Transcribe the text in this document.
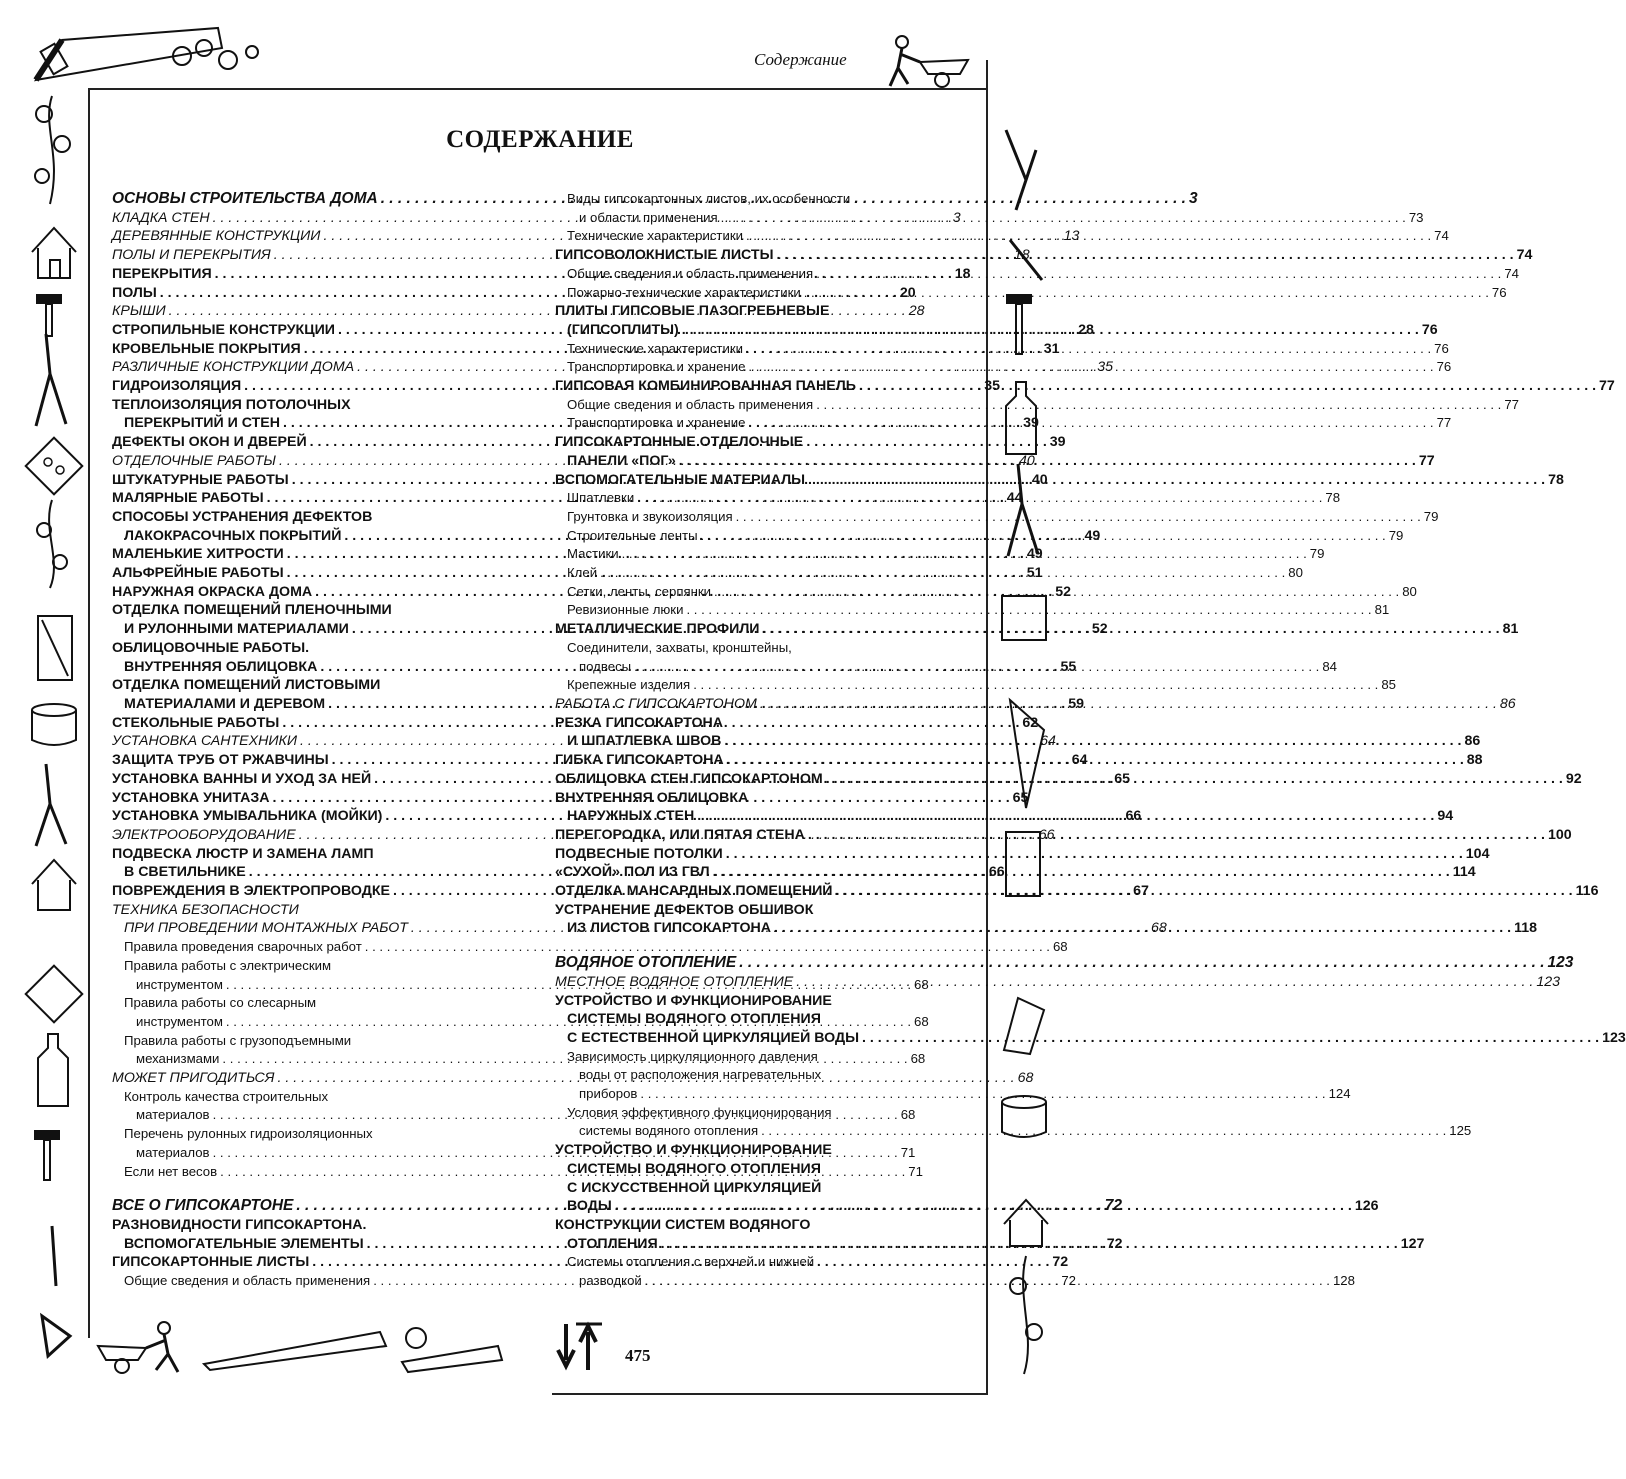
Содержание
СОДЕРЖАНИЕ
ОСНОВЫ СТРОИТЕЛЬСТВА ДОМА . . .	3
КЛАДКА СТЕН . . .	3
ДЕРЕВЯННЫЕ КОНСТРУКЦИИ . . .	13
ПОЛЫ И ПЕРЕКРЫТИЯ . . .	18
ПЕРЕКРЫТИЯ . . .	18
ПОЛЫ . . .	20
КРЫШИ . . .	28
СТРОПИЛЬНЫЕ КОНСТРУКЦИИ . . .	28
КРОВЕЛЬНЫЕ ПОКРЫТИЯ . . .	31
РАЗЛИЧНЫЕ КОНСТРУКЦИИ ДОМА . . .	35
ГИДРОИЗОЛЯЦИЯ . . .	35
ТЕПЛОИЗОЛЯЦИЯ ПОТОЛОЧНЫХ
ПЕРЕКРЫТИЙ И СТЕН . . .	39
ДЕФЕКТЫ ОКОН И ДВЕРЕЙ . . .	39
ОТДЕЛОЧНЫЕ РАБОТЫ . . .	40
ШТУКАТУРНЫЕ РАБОТЫ . . .	40
МАЛЯРНЫЕ РАБОТЫ . . .	44
СПОСОБЫ УСТРАНЕНИЯ ДЕФЕКТОВ
ЛАКОКРАСОЧНЫХ ПОКРЫТИЙ . . .	49
МАЛЕНЬКИЕ ХИТРОСТИ . . .	49
АЛЬФРЕЙНЫЕ РАБОТЫ . . .	51
НАРУЖНАЯ ОКРАСКА ДОМА . . .	52
ОТДЕЛКА ПОМЕЩЕНИЙ ПЛЕНОЧНЫМИ
И РУЛОННЫМИ МАТЕРИАЛАМИ . . .	52
ОБЛИЦОВОЧНЫЕ РАБОТЫ.
ВНУТРЕННЯЯ ОБЛИЦОВКА . . .	55
ОТДЕЛКА ПОМЕЩЕНИЙ ЛИСТОВЫМИ
МАТЕРИАЛАМИ И ДЕРЕВОМ . . .	59
СТЕКОЛЬНЫЕ РАБОТЫ . . .	62
УСТАНОВКА САНТЕХНИКИ . . .	64
ЗАЩИТА ТРУБ ОТ РЖАВЧИНЫ . . .	64
УСТАНОВКА ВАННЫ И УХОД ЗА НЕЙ . . .	65
УСТАНОВКА УНИТАЗА . . .	65
УСТАНОВКА УМЫВАЛЬНИКА (МОЙКИ) . . .	66
ЭЛЕКТРООБОРУДОВАНИЕ . . .	66
ПОДВЕСКА ЛЮСТР И ЗАМЕНА ЛАМП
В СВЕТИЛЬНИКЕ . . .	66
ПОВРЕЖДЕНИЯ В ЭЛЕКТРОПРОВОДКЕ . . .	67
ТЕХНИКА БЕЗОПАСНОСТИ
ПРИ ПРОВЕДЕНИИ МОНТАЖНЫХ РАБОТ . . .	68
Правила проведения сварочных работ . . .	68
Правила работы с электрическим
инструментом . . .	68
Правила работы со слесарным
инструментом . . .	68
Правила работы с грузоподъемными
механизмами . . .	68
МОЖЕТ ПРИГОДИТЬСЯ . . .	68
Контроль качества строительных
материалов . . .	68
Перечень рулонных гидроизоляционных
материалов . . .	71
Если нет весов . . .	71
ВСЕ О ГИПСОКАРТОНЕ . . .	72
РАЗНОВИДНОСТИ ГИПСОКАРТОНА.
ВСПОМОГАТЕЛЬНЫЕ ЭЛЕМЕНТЫ . . .	72
ГИПСОКАРТОННЫЕ ЛИСТЫ . . .	72
Общие сведения и область применения . . .	72
Виды гипсокартонных листов, их особенности
и области применения . . .	73
Технические характеристики . . .	74
ГИПСОВОЛОКНИСТЫЕ ЛИСТЫ . . .	74
Общие сведения и область применения . . .	74
Пожарно-технические характеристики . . .	76
ПЛИТЫ ГИПСОВЫЕ ПАЗОГРЕБНЕВЫЕ
(ГИПСОПЛИТЫ) . . .	76
Технические характеристики . . .	76
Транспортировка и хранение . . .	76
ГИПСОВАЯ КОМБИНИРОВАННАЯ ПАНЕЛЬ . . .	77
Общие сведения и область применения . . .	77
Транспортировка и хранение . . .	77
ГИПСОКАРТОННЫЕ ОТДЕЛОЧНЫЕ
ПАНЕЛИ «ПОГ» . . .	77
ВСПОМОГАТЕЛЬНЫЕ МАТЕРИАЛЫ . . .	78
Шпатлевки . . .	78
Грунтовка и звукоизоляция . . .	79
Строительные ленты . . .	79
Мастики . . .	79
Клей . . .	80
Сетки, ленты, серпянки . . .	80
Ревизионные люки . . .	81
МЕТАЛЛИЧЕСКИЕ ПРОФИЛИ . . .	81
Соединители, захваты, кронштейны,
подвесы . . .	84
Крепежные изделия . . .	85
РАБОТА С ГИПСОКАРТОНОМ . . .	86
РЕЗКА ГИПСОКАРТОНА
И ШПАТЛЕВКА ШВОВ . . .	86
ГИБКА ГИПСОКАРТОНА . . .	88
ОБЛИЦОВКА СТЕН ГИПСОКАРТОНОМ . . .	92
ВНУТРЕННЯЯ ОБЛИЦОВКА
НАРУЖНЫХ СТЕН . . .	94
ПЕРЕГОРОДКА, ИЛИ ПЯТАЯ СТЕНА . . .	100
ПОДВЕСНЫЕ ПОТОЛКИ . . .	104
«СУХОЙ» ПОЛ ИЗ ГВЛ . . .	114
ОТДЕЛКА МАНСАРДНЫХ ПОМЕЩЕНИЙ . . .	116
УСТРАНЕНИЕ ДЕФЕКТОВ ОБШИВОК
ИЗ ЛИСТОВ ГИПСОКАРТОНА . . .	118
ВОДЯНОЕ ОТОПЛЕНИЕ . . .	123
МЕСТНОЕ ВОДЯНОЕ ОТОПЛЕНИЕ . . .	123
УСТРОЙСТВО И ФУНКЦИОНИРОВАНИЕ
СИСТЕМЫ ВОДЯНОГО ОТОПЛЕНИЯ
С ЕСТЕСТВЕННОЙ ЦИРКУЛЯЦИЕЙ ВОДЫ . . .	123
Зависимость циркуляционного давления
воды от расположения нагревательных
приборов . . .	124
Условия эффективного функционирования
системы водяного отопления . . .	125
УСТРОЙСТВО И ФУНКЦИОНИРОВАНИЕ
СИСТЕМЫ ВОДЯНОГО ОТОПЛЕНИЯ
С ИСКУССТВЕННОЙ ЦИРКУЛЯЦИЕЙ
ВОДЫ . . .	126
КОНСТРУКЦИИ СИСТЕМ ВОДЯНОГО
ОТОПЛЕНИЯ . . .	127
Системы отопления с верхней и нижней
разводкой . . .	128
475
